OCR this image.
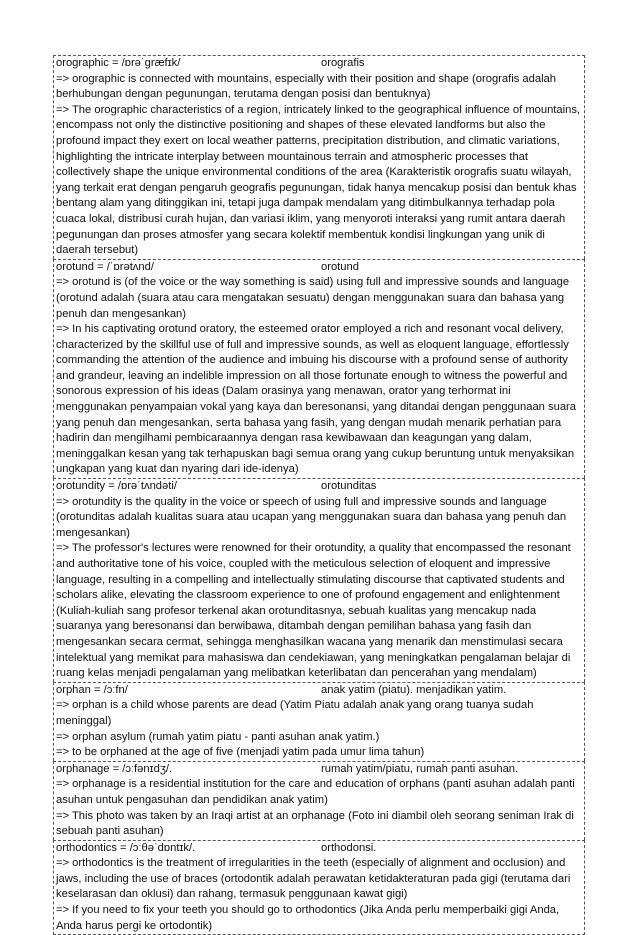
orographic = /ɒrəˈɡræfɪk/	orografis
=> orographic is connected with mountains, especially with their position and shape (orografis adalah berhubungan dengan pegunungan, terutama dengan posisi dan bentuknya)
=> The orographic characteristics of a region, intricately linked to the geographical influence of mountains, encompass not only the distinctive positioning and shapes of these elevated landforms but also the profound impact they exert on local weather patterns, precipitation distribution, and climatic variations, highlighting the intricate interplay between mountainous terrain and atmospheric processes that collectively shape the unique environmental conditions of the area (Karakteristik orografis suatu wilayah, yang terkait erat dengan pengaruh geografis pegunungan, tidak hanya mencakup posisi dan bentuk khas bentang alam yang ditinggikan ini, tetapi juga dampak mendalam yang ditimbulkannya terhadap pola cuaca lokal, distribusi curah hujan, dan variasi iklim, yang menyoroti interaksi yang rumit antara daerah pegunungan dan proses atmosfer yang secara kolektif membentuk kondisi lingkungan yang unik di daerah tersebut)
orotund = /ˈɒrətʌnd/	orotund
=> orotund is (of the voice or the way something is said) using full and impressive sounds and language (orotund adalah (suara atau cara mengatakan sesuatu) dengan menggunakan suara dan bahasa yang penuh dan mengesankan)
=> In his captivating orotund oratory, the esteemed orator employed a rich and resonant vocal delivery, characterized by the skillful use of full and impressive sounds, as well as eloquent language, effortlessly commanding the attention of the audience and imbuing his discourse with a profound sense of authority and grandeur, leaving an indelible impression on all those fortunate enough to witness the powerful and sonorous expression of his ideas (Dalam orasinya yang menawan, orator yang terhormat ini menggunakan penyampaian vokal yang kaya dan beresonansi, yang ditandai dengan penggunaan suara yang penuh dan mengesankan, serta bahasa yang fasih, yang dengan mudah menarik perhatian para hadirin dan mengilhami pembicaraannya dengan rasa kewibawaan dan keagungan yang dalam, meninggalkan kesan yang tak terhapuskan bagi semua orang yang cukup beruntung untuk menyaksikan ungkapan yang kuat dan nyaring dari ide-idenya)
orotundity = /ɒrəˈtʌndəti/	orotunditas
=> orotundity is the quality in the voice or speech of using full and impressive sounds and language (orotunditas adalah kualitas suara atau ucapan yang menggunakan suara dan bahasa yang penuh dan mengesankan)
=> The professor's lectures were renowned for their orotundity, a quality that encompassed the resonant and authoritative tone of his voice, coupled with the meticulous selection of eloquent and impressive language, resulting in a compelling and intellectually stimulating discourse that captivated students and scholars alike, elevating the classroom experience to one of profound engagement and enlightenment (Kuliah-kuliah sang profesor terkenal akan orotunditasnya, sebuah kualitas yang mencakup nada suaranya yang beresonansi dan berwibawa, ditambah dengan pemilihan bahasa yang fasih dan mengesankan secara cermat, sehingga menghasilkan wacana yang menarik dan menstimulasi secara intelektual yang memikat para mahasiswa dan cendekiawan, yang meningkatkan pengalaman belajar di ruang kelas menjadi pengalaman yang melibatkan keterlibatan dan pencerahan yang mendalam)
orphan = /ɔːfn/	anak yatim (piatu). menjadikan yatim.
=> orphan is a child whose parents are dead (Yatim Piatu adalah anak yang orang tuanya sudah meninggal)
=> orphan asylum (rumah yatim piatu - panti asuhan anak yatim.)
=> to be orphaned at the age of five (menjadi yatim pada umur lima tahun)
orphanage = /ɔːfənɪdʒ/.	rumah yatim/piatu, rumah panti asuhan.
=> orphanage is a residential institution for the care and education of orphans (panti asuhan adalah panti asuhan untuk pengasuhan dan pendidikan anak yatim)
=> This photo was taken by an Iraqi artist at an orphanage (Foto ini diambil oleh seorang seniman Irak di sebuah panti asuhan)
orthodontics = /ɔːθəˈdɒntɪk/.	orthodonsi.
=> orthodontics is the treatment of irregularities in the teeth (especially of alignment and occlusion) and jaws, including the use of braces (ortodontik adalah perawatan ketidakteraturan pada gigi (terutama dari keselarasan dan oklusi) dan rahang, termasuk penggunaan kawat gigi)
=> If you need to fix your teeth you should go to orthodontics (Jika Anda perlu memperbaiki gigi Anda, Anda harus pergi ke ortodontik)
